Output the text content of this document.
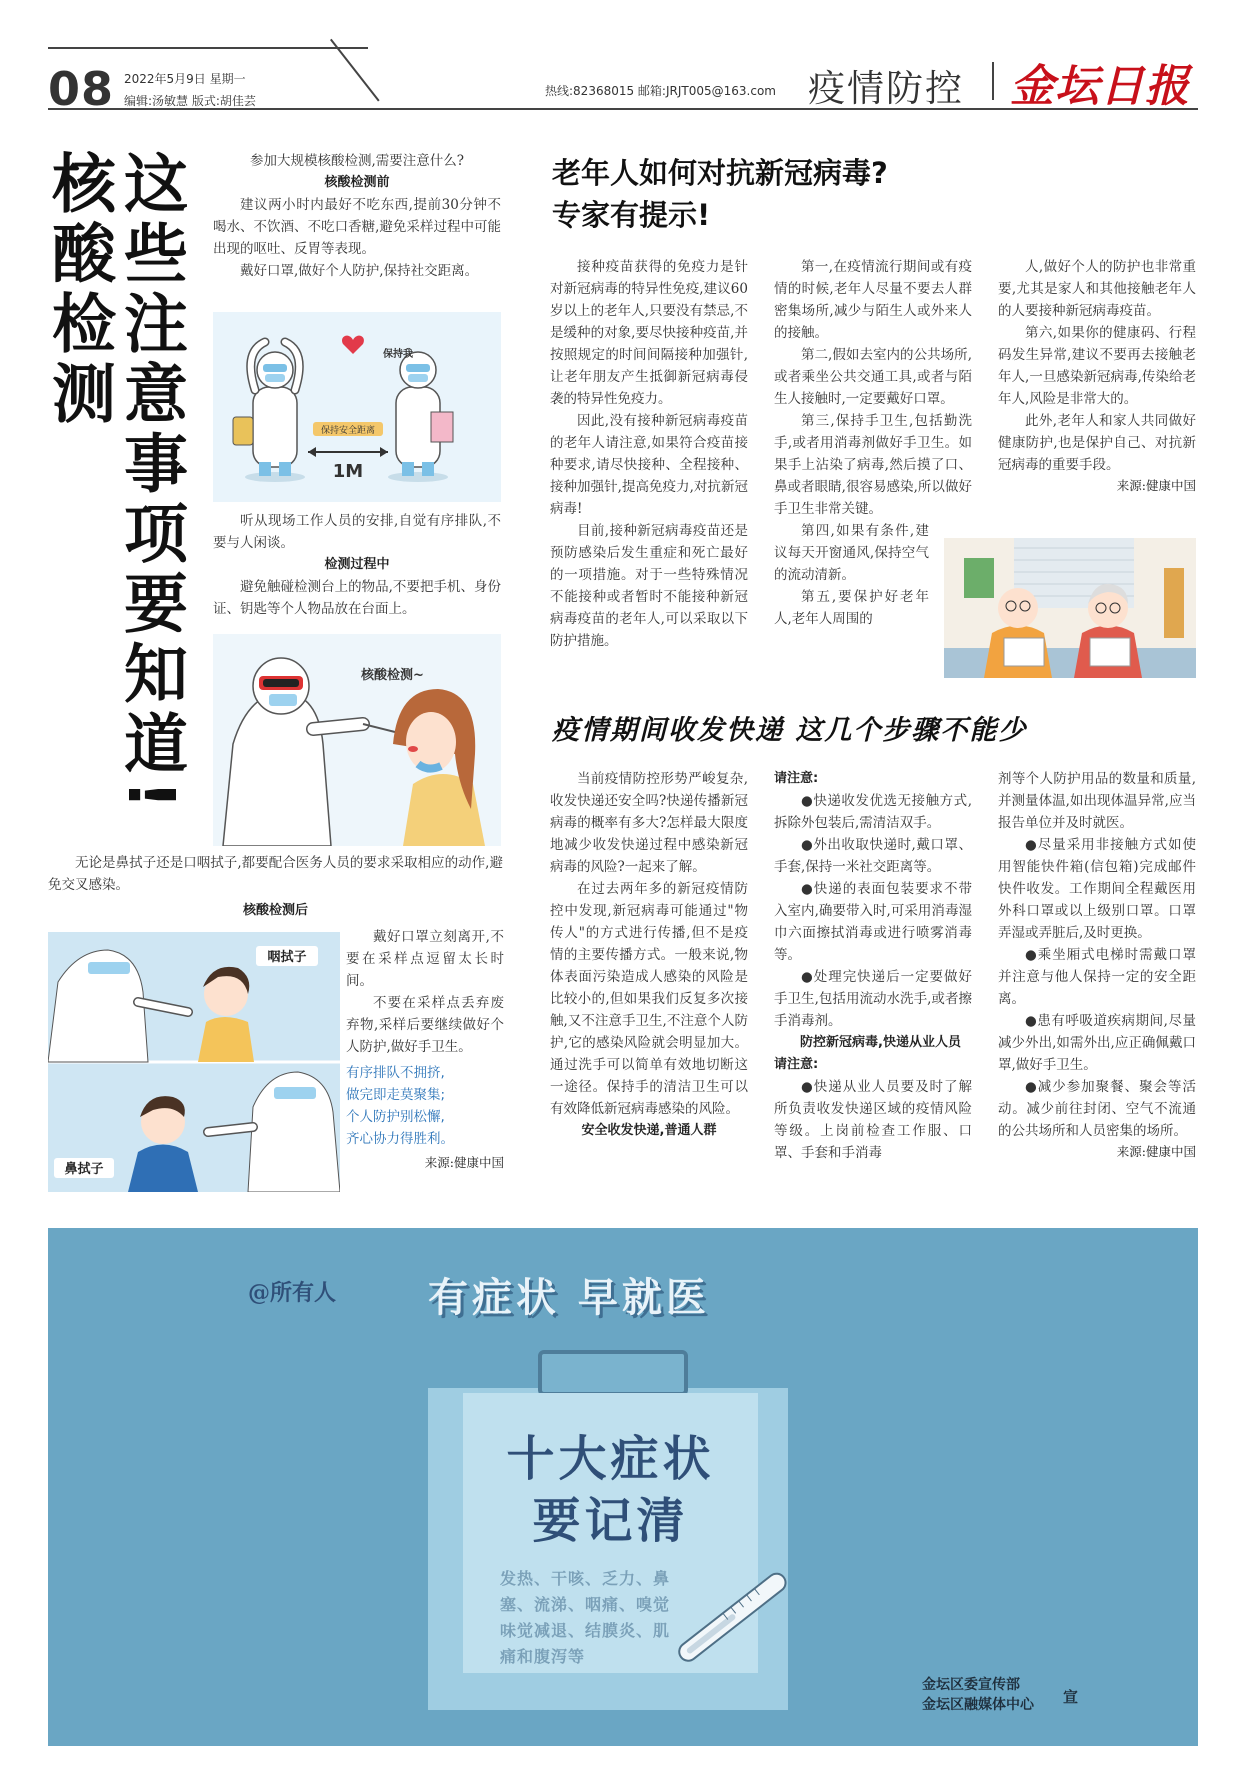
08 2022年5月9日 星期一
编辑:汤敏慧 版式:胡佳芸
热线:82368015 邮箱:JRJT005@163.com 疫情防控 金坛日报
核酸检测
这些注意事项要知道!	参加大规模核酸检测,需要注意什么?
核酸检测前

建议两小时内最好不吃东西,提前30分钟不喝水、不饮酒、不吃口香糖,避免采样过程中可能出现的呕吐、反胃等表现。

戴好口罩,做好个人防护,保持社交距离。

保持安全距离
1M
保持我

听从现场工作人员的安排,自觉有序排队,不要与人闲谈。

检测过程中

避免触碰检测台上的物品,不要把手机、身份证、钥匙等个人物品放在台面上。

核酸检测~

无论是鼻拭子还是口咽拭子,都要配合医务人员的要求采取相应的动作,避免交叉感染。

核酸检测后
咽拭子
鼻拭子

戴好口罩立刻离开,不要在采样点逗留太长时间。

不要在采样点丢弃废弃物,采样后要继续做好个人防护,做好手卫生。

有序排队不拥挤,
做完即走莫聚集;
个人防护别松懈,
齐心协力得胜利。
来源:健康中国
老年人如何对抗新冠病毒?
专家有提示!

接种疫苗获得的免疫力是针对新冠病毒的特异性免疫,建议60岁以上的老年人,只要没有禁忌,不是缓种的对象,要尽快接种疫苗,并按照规定的时间间隔接种加强针,让老年朋友产生抵御新冠病毒侵袭的特异性免疫力。

因此,没有接种新冠病毒疫苗的老年人请注意,如果符合疫苗接种要求,请尽快接种、全程接种、接种加强针,提高免疫力,对抗新冠病毒!

目前,接种新冠病毒疫苗还是预防感染后发生重症和死亡最好的一项措施。对于一些特殊情况不能接种或者暂时不能接种新冠病毒疫苗的老年人,可以采取以下防护措施。

第一,在疫情流行期间或有疫情的时候,老年人尽量不要去人群密集场所,减少与陌生人或外来人的接触。

第二,假如去室内的公共场所,或者乘坐公共交通工具,或者与陌生人接触时,一定要戴好口罩。

第三,保持手卫生,包括勤洗手,或者用消毒剂做好手卫生。如果手上沾染了病毒,然后摸了口、鼻或者眼睛,很容易感染,所以做好手卫生非常关键。

第四,如果有条件,建议每天开窗通风,保持空气的流动清新。

第五,要保护好老年人,老年人周围的

人,做好个人的防护也非常重要,尤其是家人和其他接触老年人的人要接种新冠病毒疫苗。

第六,如果你的健康码、行程码发生异常,建议不要再去接触老年人,一旦感染新冠病毒,传染给老年人,风险是非常大的。

此外,老年人和家人共同做好健康防护,也是保护自己、对抗新冠病毒的重要手段。

来源:健康中国
疫情期间收发快递 这几个步骤不能少

当前疫情防控形势严峻复杂,收发快递还安全吗?快递传播新冠病毒的概率有多大?怎样最大限度地减少收发快递过程中感染新冠病毒的风险?一起来了解。

在过去两年多的新冠疫情防控中发现,新冠病毒可能通过"物传人"的方式进行传播,但不是疫情的主要传播方式。一般来说,物体表面污染造成人感染的风险是比较小的,但如果我们反复多次接触,又不注意手卫生,不注意个人防护,它的感染风险就会明显加大。通过洗手可以简单有效地切断这一途径。保持手的清洁卫生可以有效降低新冠病毒感染的风险。

安全收发快递,普通人群
请注意:

●快递收发优选无接触方式,拆除外包装后,需清洁双手。

●外出收取快递时,戴口罩、手套,保持一米社交距离等。

●快递的表面包装要求不带入室内,确要带入时,可采用消毒湿巾六面擦拭消毒或进行喷雾消毒等。

●处理完快递后一定要做好手卫生,包括用流动水洗手,或者擦手消毒剂。

防控新冠病毒,快递从业人员请注意:

●快递从业人员要及时了解所负责收发快递区域的疫情风险等级。上岗前检查工作服、口罩、手套和手消毒

剂等个人防护用品的数量和质量,并测量体温,如出现体温异常,应当报告单位并及时就医。

●尽量采用非接触方式如使用智能快件箱(信包箱)完成邮件快件收发。工作期间全程戴医用外科口罩或以上级别口罩。口罩弄湿或弄脏后,及时更换。

●乘坐厢式电梯时需戴口罩并注意与他人保持一定的安全距离。

●患有呼吸道疾病期间,尽量减少外出,如需外出,应正确佩戴口罩,做好手卫生。

●减少参加聚餐、聚会等活动。减少前往封闭、空气不流通的公共场所和人员密集的场所。

来源:健康中国
@所有人 有症状 早就医
十大症状
要记清
发热、干咳、乏力、鼻
塞、流涕、咽痛、嗅觉
味觉减退、结膜炎、肌
痛和腹泻等
金坛区委宣传部
金坛区融媒体中心 宣
